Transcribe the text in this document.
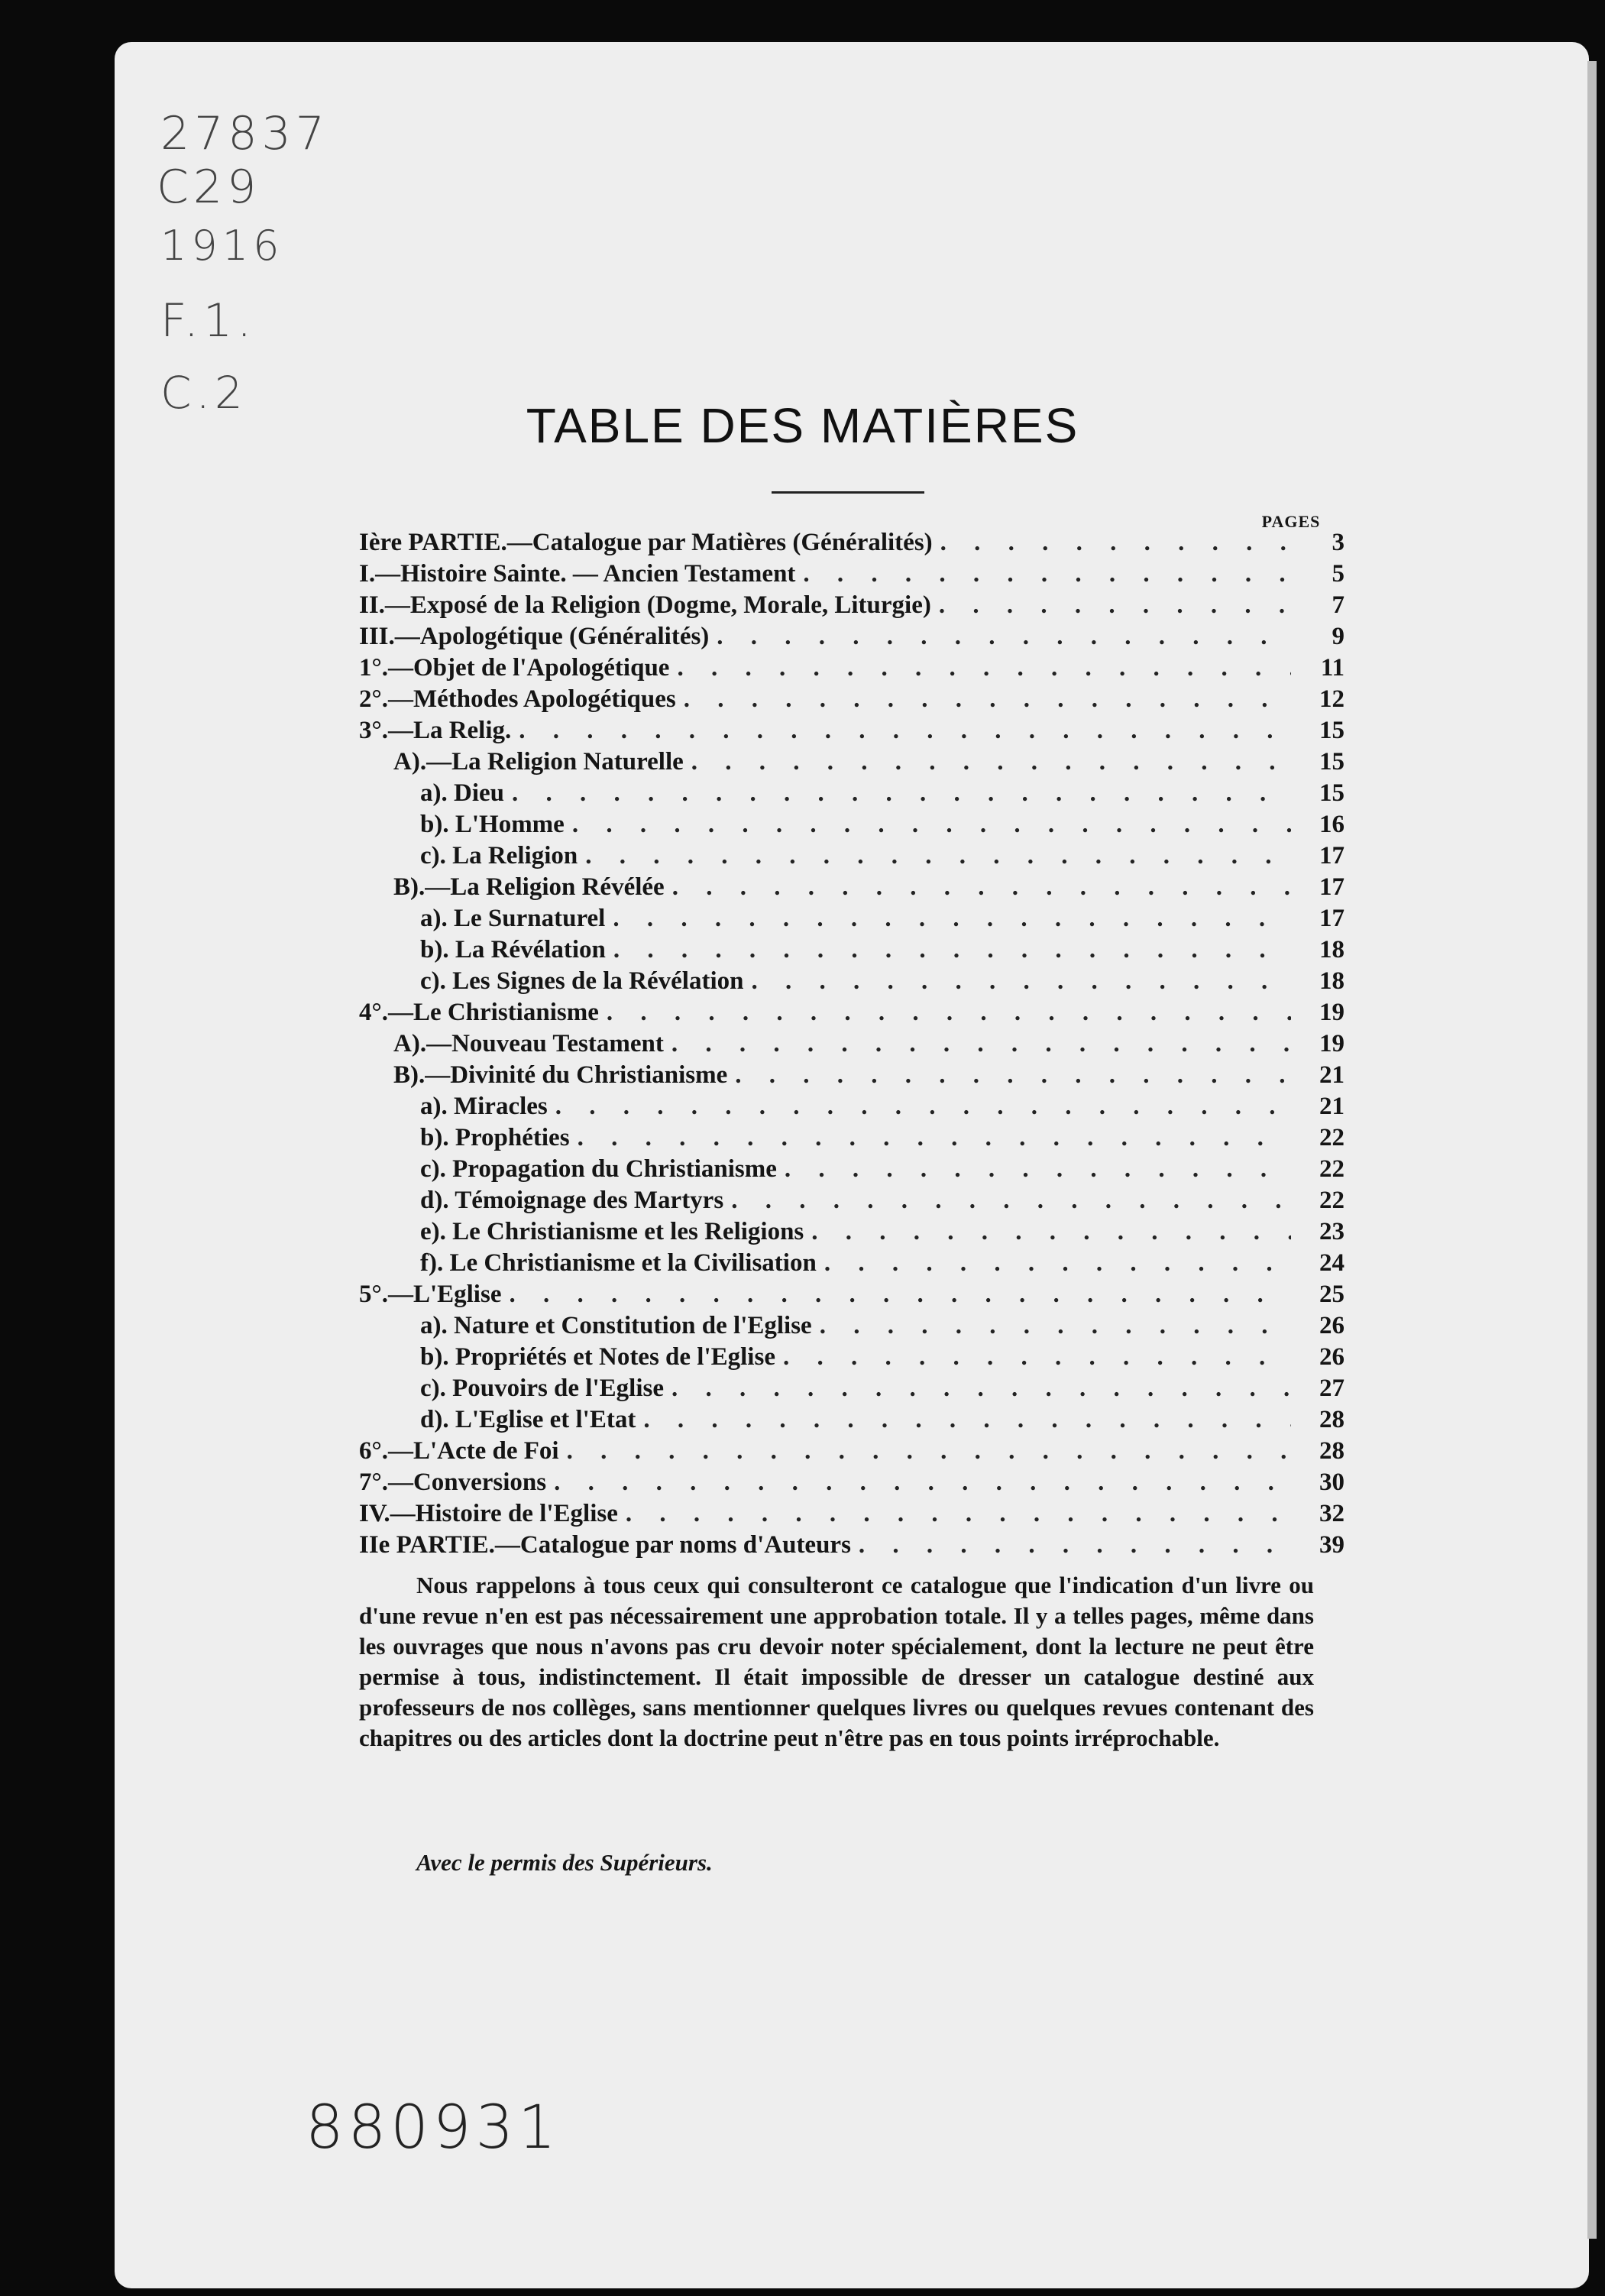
27837
C29
1916
F.1.
C.2
TABLE DES MATIÈRES
PAGES
Ière PARTIE.—Catalogue par Matières (Généralités) . . .	3
I.—Histoire Sainte. — Ancien Testament . . .	5
II.—Exposé de la Religion (Dogme, Morale, Liturgie) . . .	7
III.—Apologétique (Généralités) . . .	9
1°.—Objet de l'Apologétique . . .	11
2°.—Méthodes Apologétiques . . .	12
3°.—La Relig. . . .	15
A).—La Religion Naturelle . . .	15
a). Dieu . . .	15
b). L'Homme . . .	16
c). La Religion . . .	17
B).—La Religion Révélée . . .	17
a). Le Surnaturel . . .	17
b). La Révélation . . .	18
c). Les Signes de la Révélation . . .	18
4°.—Le Christianisme . . .	19
A).—Nouveau Testament . . .	19
B).—Divinité du Christianisme . . .	21
a). Miracles . . .	21
b). Prophéties . . .	22
c). Propagation du Christianisme . . .	22
d). Témoignage des Martyrs . . .	22
e). Le Christianisme et les Religions . . .	23
f). Le Christianisme et la Civilisation . . .	24
5°.—L'Eglise . . .	25
a). Nature et Constitution de l'Eglise . . .	26
b). Propriétés et Notes de l'Eglise . . .	26
c). Pouvoirs de l'Eglise . . .	27
d). L'Eglise et l'Etat . . .	28
6°.—L'Acte de Foi . . .	28
7°.—Conversions . . .	30
IV.—Histoire de l'Eglise . . .	32
IIe PARTIE.—Catalogue par noms d'Auteurs . . .	39
Nous rappelons à tous ceux qui consulteront ce catalogue que l'indication d'un livre ou d'une revue n'en est pas nécessairement une approbation totale. Il y a telles pages, même dans les ouvrages que nous n'avons pas cru devoir noter spécialement, dont la lecture ne peut être permise à tous, indistinctement. Il était impossible de dresser un catalogue destiné aux professeurs de nos collèges, sans mentionner quelques livres ou quelques revues contenant des chapitres ou des articles dont la doctrine peut n'être pas en tous points irréprochable.
Avec le permis des Supérieurs.
880931
